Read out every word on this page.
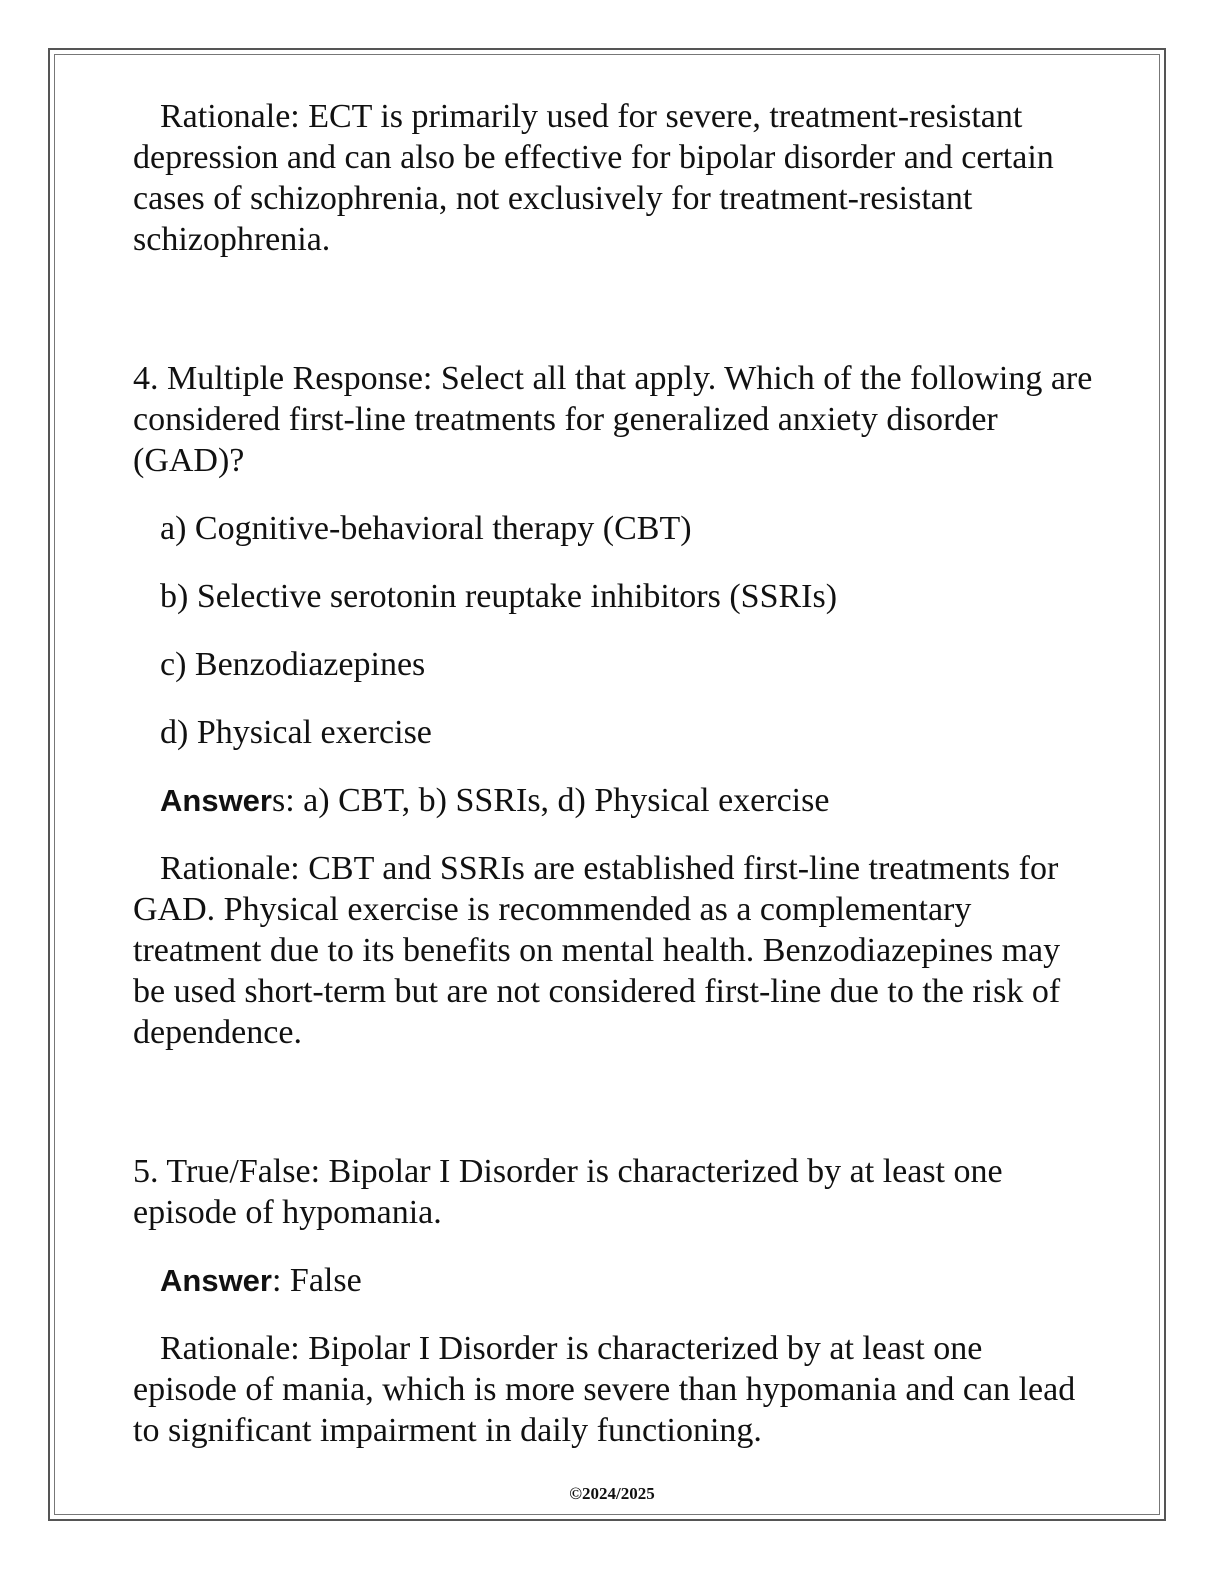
Rationale: ECT is primarily used for severe, treatment-resistant depression and can also be effective for bipolar disorder and certain cases of schizophrenia, not exclusively for treatment-resistant schizophrenia.

4. Multiple Response: Select all that apply. Which of the following are considered first-line treatments for generalized anxiety disorder (GAD)?

a) Cognitive-behavioral therapy (CBT)

b) Selective serotonin reuptake inhibitors (SSRIs)

c) Benzodiazepines

d) Physical exercise

Answers: a) CBT, b) SSRIs, d) Physical exercise

Rationale: CBT and SSRIs are established first-line treatments for GAD. Physical exercise is recommended as a complementary treatment due to its benefits on mental health. Benzodiazepines may be used short-term but are not considered first-line due to the risk of dependence.

5. True/False: Bipolar I Disorder is characterized by at least one episode of hypomania.

Answer: False

Rationale: Bipolar I Disorder is characterized by at least one episode of mania, which is more severe than hypomania and can lead to significant impairment in daily functioning.

©2024/2025
